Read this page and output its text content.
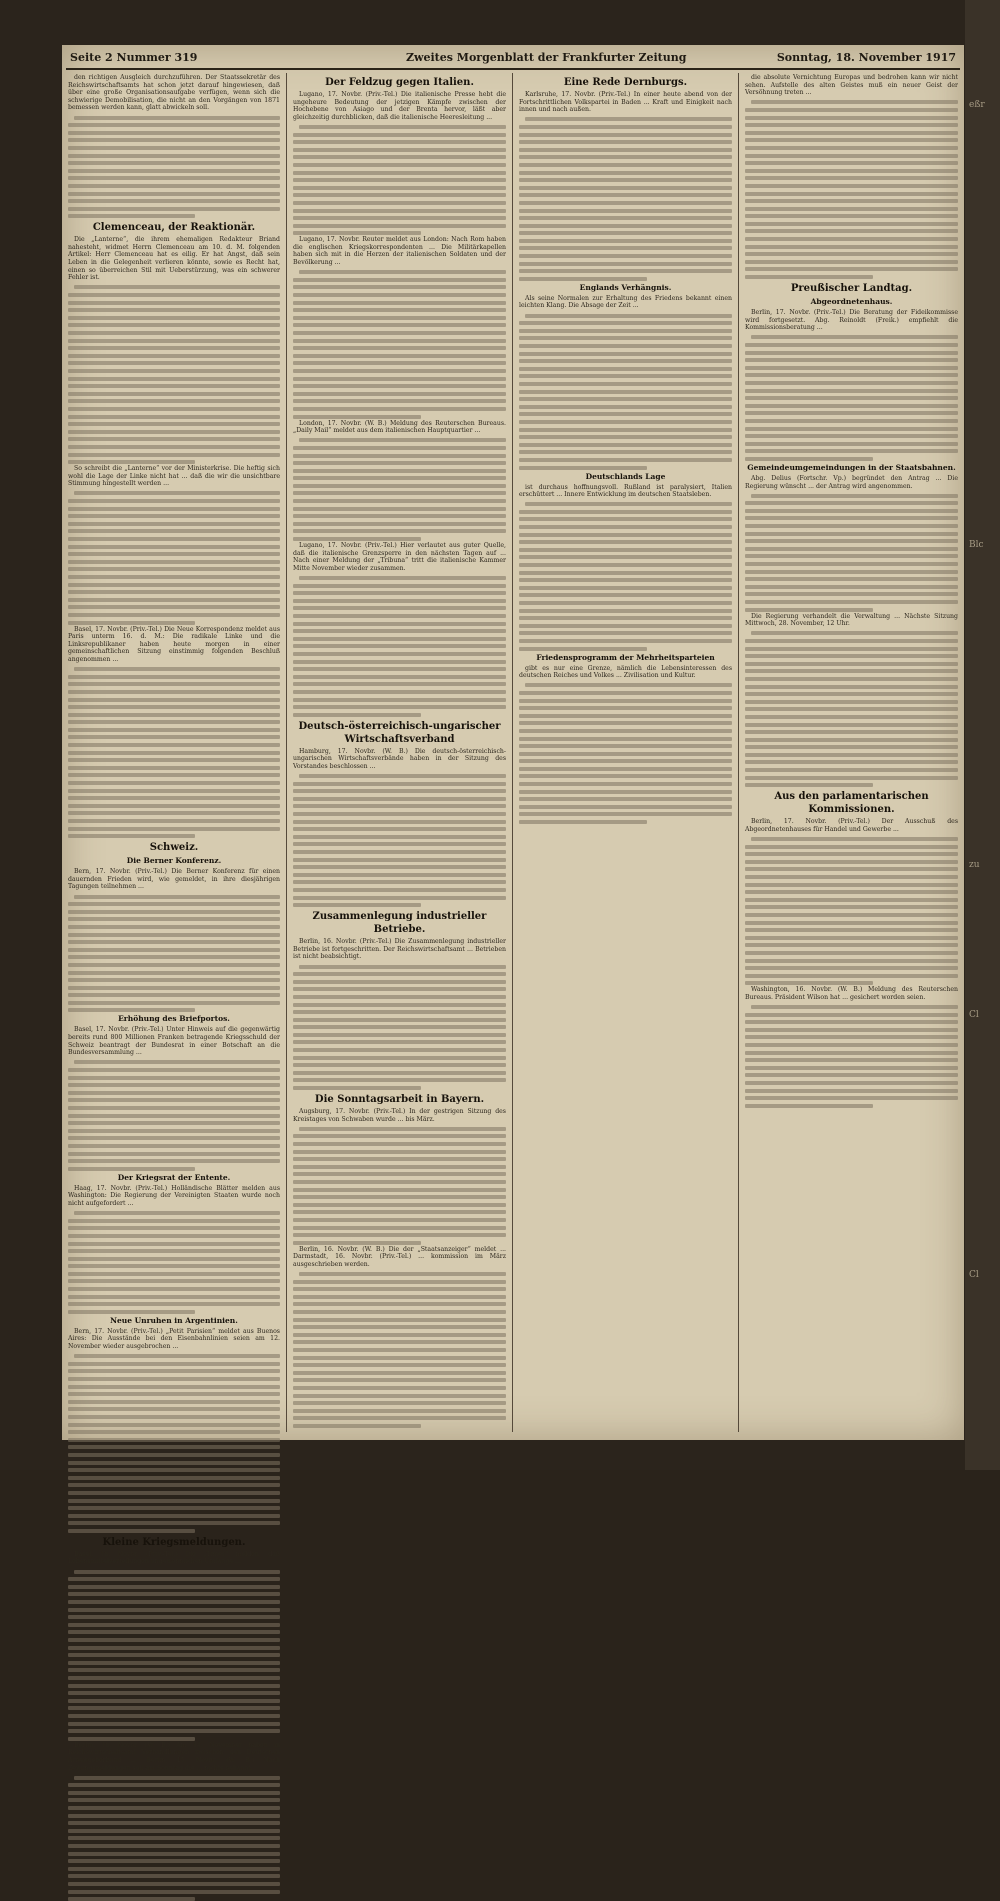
eßr
Blc
zu
Cl
Cl
Seite 2 Nummer 319	Zweites Morgenblatt der Frankfurter Zeitung	Sonntag, 18. November 1917
den richtigen Ausgleich durchzuführen. Der Staatssekretär des Reichswirtschaftsamts hat schon jetzt darauf hingewiesen, daß über eine große Organisationsaufgabe verfügen, wenn sich die schwierige Demobilisation, die nicht an den Vorgängen von 1871 bemessen werden kann, glatt abwickeln soll.
Clemenceau, der Reaktionär.
Die „Lanterne“, die ihrem ehemaligen Redakteur Briand nahesteht, widmet Herrn Clemenceau am 10. d. M. folgenden Artikel: Herr Clemenceau hat es eilig. Er hat Angst, daß sein Leben in die Gelegenheit verlieren könnte, sowie es Recht hat, einen so überreichen Stil mit Ueberstürzung, was ein schwerer Fehler ist.
So schreibt die „Lanterne“ vor der Ministerkrise. Die heftig sich wohl die Lage der Linke nicht hat ... daß die wir die unsichtbare Stimmung hingestellt werden ...
Basel, 17. Novbr. (Priv.-Tel.) Die Neue Korrespondenz meldet aus Paris unterm 16. d. M.: Die radikale Linke und die Linksrepublikaner haben heute morgen in einer gemeinschaftlichen Sitzung einstimmig folgenden Beschluß angenommen ...
Schweiz.
Die Berner Konferenz.
Bern, 17. Novbr. (Priv.-Tel.) Die Berner Konferenz für einen dauernden Frieden wird, wie gemeldet, in ihre diesjährigen Tagungen teilnehmen ...
Erhöhung des Briefportos.
Basel, 17. Novbr. (Priv.-Tel.) Unter Hinweis auf die gegenwärtig bereits rund 800 Millionen Franken betragende Kriegsschuld der Schweiz beantragt der Bundesrat in einer Botschaft an die Bundesversammlung ...
Der Kriegsrat der Entente.
Haag, 17. Novbr. (Priv.-Tel.) Holländische Blätter melden aus Washington: Die Regierung der Vereinigten Staaten wurde noch nicht aufgefordert ...
Neue Unruhen in Argentinien.
Bern, 17. Novbr. (Priv.-Tel.) „Petit Parisien“ meldet aus Buenos Aires: Die Ausstände bei den Eisenbahnlinien seien am 12. November wieder ausgebrochen ...
Kleine Kriegsmeldungen.
Basel, 18. Novbr. (Priv.-Tel.) Die „Times“ melden, daß Lebensmittelverteilungen ungewöhnlichen Umfange ...
Berlin, 18. Novbr. (W. B.) Am 14. November haben in Reichswirtschaftsamt Verhandlungen zwischen den Deutschen Arbeitgeberbund ... Berlin, 15. Novbr. (W. B.) Nach Zeitungsmeldungen soll am Sonntag die ... nichts bekannt.
Der Feldzug gegen Italien.
Lugano, 17. Novbr. (Priv.-Tel.) Die italienische Presse hebt die ungeheure Bedeutung der jetzigen Kämpfe zwischen der Hochebene von Asiago und der Brenta hervor, läßt aber gleichzeitig durchblicken, daß die italienische Heeresleitung ...
Lugano, 17. Novbr. Reuter meldet aus London: Nach Rom haben die englischen Kriegskorrespondenten ... Die Militärkapellen haben sich mit in die Herzen der italienischen Soldaten und der Bevölkerung ...
London, 17. Novbr. (W. B.) Meldung des Reuterschen Bureaus. „Daily Mail“ meldet aus dem italienischen Hauptquartier ...
Lugano, 17. Novbr. (Priv.-Tel.) Hier verlautet aus guter Quelle, daß die italienische Grenzsperre in den nächsten Tagen auf ... Nach einer Meldung der „Tribuna“ tritt die italienische Kammer Mitte November wieder zusammen.
Deutsch-österreichisch-ungarischer Wirtschaftsverband
Hamburg, 17. Novbr. (W. B.) Die deutsch-österreichisch-ungarischen Wirtschaftsverbände haben in der Sitzung des Vorstandes beschlossen ...
Zusammenlegung industrieller Betriebe.
Berlin, 16. Novbr. (Priv.-Tel.) Die Zusammenlegung industrieller Betriebe ist fortgeschritten. Der Reichswirtschaftsamt ... Betrieben ist nicht beabsichtigt.
Die Sonntagsarbeit in Bayern.
Augsburg, 17. Novbr. (Priv.-Tel.) In der gestrigen Sitzung des Kreistages von Schwaben wurde ... bis März.
Berlin, 16. Novbr. (W. B.) Die der „Staatsanzeiger“ meldet ... Darmstadt, 16. Novbr. (Priv.-Tel.) ... kommission im März ausgeschrieben werden.
Eine Rede Dernburgs.
Karlsruhe, 17. Novbr. (Priv.-Tel.) In einer heute abend von der Fortschrittlichen Volkspartei in Baden ... Kraft und Einigkeit nach innen und nach außen.
Englands Verhängnis.
Als seine Normalen zur Erhaltung des Friedens bekannt einen leichten Klang. Die Absage der Zeit ...
Deutschlands Lage
ist durchaus hoffnungsvoll. Rußland ist paralysiert, Italien erschüttert ... Innere Entwicklung im deutschen Staatsleben.
Friedensprogramm der Mehrheitsparteien
gibt es nur eine Grenze, nämlich die Lebensinteressen des deutschen Reiches und Volkes ... Zivilisation und Kultur.
die absolute Vernichtung Europas und bedrohen kann wir nicht sehen. Aufstelle des alten Geistes muß ein neuer Geist der Versöhnung treten ...
Preußischer Landtag.
Abgeordnetenhaus.
Berlin, 17. Novbr. (Priv.-Tel.) Die Beratung der Fideikommisse wird fortgesetzt. Abg. Reinoldt (Freik.) empfiehlt die Kommissionsberatung ...
Gemeindeumgemeindungen in der Staatsbahnen.
Abg. Delius (Fortschr. Vp.) begründet den Antrag ... Die Regierung wünscht ... der Antrag wird angenommen.
Die Regierung verhandelt die Verwaltung ... Nächste Sitzung Mittwoch, 28. November, 12 Uhr.
Aus den parlamentarischen Kommissionen.
Berlin, 17. Novbr. (Priv.-Tel.) Der Ausschuß des Abgeordnetenhauses für Handel und Gewerbe ...
Washington, 16. Novbr. (W. B.) Meldung des Reuterschen Bureaus. Präsident Wilson hat ... gesichert worden seien.
